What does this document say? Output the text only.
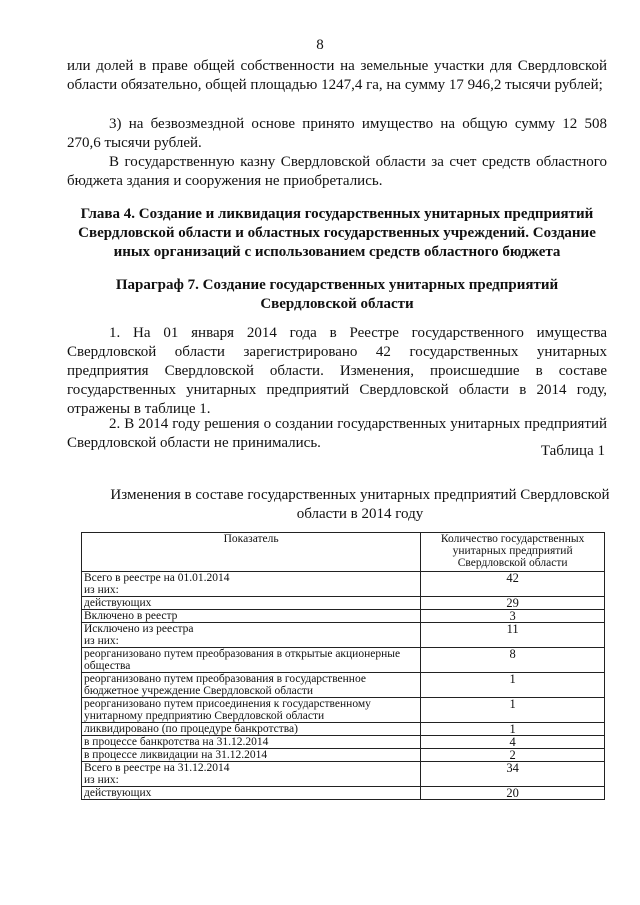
8

или долей в праве общей собственности на земельные участки для Свердловской области обязательно, общей площадью 1247,4 га, на сумму 17 946,2 тысячи рублей;

3) на безвозмездной основе принято имущество на общую сумму 12 508 270,6 тысячи рублей.

В государственную казну Свердловской области за счет средств областного бюджета здания и сооружения не приобретались.

Глава 4. Создание и ликвидация государственных унитарных предприятий Свердловской области и областных государственных учреждений. Создание иных организаций с использованием средств областного бюджета

Параграф 7. Создание государственных унитарных предприятий Свердловской области

1. На 01 января 2014 года в Реестре государственного имущества Свердловской области зарегистрировано 42 государственных унитарных предприятия Свердловской области. Изменения, происшедшие в составе государственных унитарных предприятий Свердловской области в 2014 году, отражены в таблице 1.

2. В 2014 году решения о создании государственных унитарных предприятий Свердловской области не принимались.	Таблица 1
Изменения в составе государственных унитарных предприятий Свердловской области в 2014 году
Показатель	Количество государственных унитарных предприятий Свердловской области

Всего в реестре на 01.01.2014
из них:	42
действующих	29
Включено в реестр	3

Исключено из реестра
из них:	11
реорганизовано путем преобразования в открытые акционерные общества	8
реорганизовано путем преобразования в государственное бюджетное учреждение Свердловской области	1
реорганизовано путем присоединения к государственному унитарному предприятию Свердловской области	1
ликвидировано (по процедуре банкротства)	1
в процессе банкротства на 31.12.2014	4
в процессе ликвидации на 31.12.2014	2

Всего в реестре на 31.12.2014
из них:	34
действующих	20
